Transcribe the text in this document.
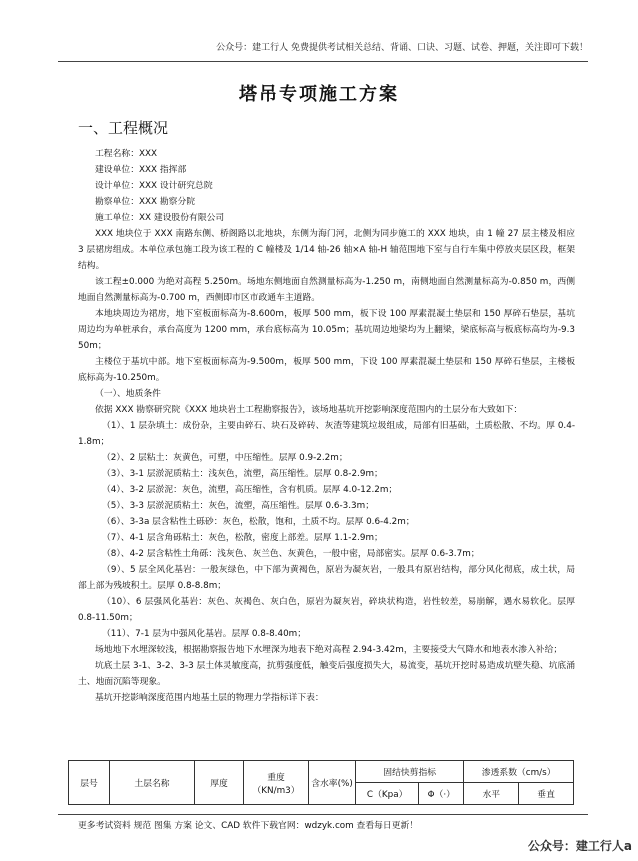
公众号：建工行人 免费提供考试相关总结、背诵、口诀、习题、试卷、押题，关注即可下载！
塔吊专项施工方案
一、工程概况
工程名称：XXX
建设单位：XXX 指挥部
设计单位：XXX 设计研究总院
勘察单位：XXX 勘察分院
施工单位：XX 建设股份有限公司
XXX 地块位于 XXX 南路东侧、桥阁路以北地块，东侧为海门河，北侧为同步施工的 XXX 地块，由 1 幢 27 层主楼及相应 3 层裙房组成。本单位承包施工段为该工程的 C 幢楼及 1/14 轴-26 轴×A 轴-H 轴范围地下室与自行车集中停放夹层区段，框架结构。
该工程±0.000 为绝对高程 5.250m。场地东侧地面自然测量标高为-1.250 m，南侧地面自然测量标高为-0.850 m，西侧地面自然测量标高为-0.700 m，西侧即市区市政通车主道路。
本地块周边为裙房，地下室板面标高为-8.600m，板厚 500 mm，板下设 100 厚素混凝土垫层和 150 厚碎石垫层，基坑周边均为单桩承台，承台高度为 1200 mm，承台底标高为 10.05m；基坑周边地梁均为上翻梁，梁底标高与板底标高均为-9.350m；
主楼位于基坑中部。地下室板面标高为-9.500m，板厚 500 mm，下设 100 厚素混凝土垫层和 150 厚碎石垫层，主楼板底标高为-10.250m。
（一）、地质条件
依据 XXX 勘察研究院《XXX 地块岩土工程勘察报告》，该场地基坑开挖影响深度范围内的土层分布大致如下：
（1）、1 层杂填土：成份杂，主要由碎石、块石及碎砖、灰渣等建筑垃圾组成，局部有旧基础，土质松散、不均。厚 0.4-1.8m；
（2）、2 层粘土：灰黄色，可塑，中压缩性。层厚 0.9-2.2m；
（3）、3-1 层淤泥质粘土：浅灰色，流塑，高压缩性。层厚 0.8-2.9m；
（4）、3-2 层淤泥：灰色，流塑，高压缩性，含有机质。层厚 4.0-12.2m；
（5）、3-3 层淤泥质粘土：灰色，流塑，高压缩性。层厚 0.6-3.3m；
（6）、3-3a 层含粘性土砾砂：灰色，松散，饱和，土质不均。层厚 0.6-4.2m；
（7）、4-1 层含角砾粘土：灰色，松散，密度上部差。层厚 1.1-2.9m；
（8）、4-2 层含粘性土角砾：浅灰色、灰兰色、灰黄色，一般中密，局部密实。层厚 0.6-3.7m；
（9）、5 层全风化基岩：一般灰绿色，中下部为黄褐色，原岩为凝灰岩，一般具有原岩结构，部分风化彻底，成土状，局部上部为残坡积土。层厚 0.8-8.8m；
（10）、6 层强风化基岩：灰色、灰褐色、灰白色，原岩为凝灰岩，碎块状构造，岩性较差，易崩解，遇水易软化。层厚 0.8-11.50m；
（11）、7-1 层为中强风化基岩。层厚 0.8-8.40m；
场地地下水埋深较浅，根据勘察报告地下水埋深为地表下绝对高程 2.94-3.42m，主要接受大气降水和地表水渗入补给；
坑底土层 3-1、3-2、3-3 层土体灵敏度高，抗剪强度低，触变后强度损失大，易流变，基坑开挖时易造成坑壁失稳、坑底涌土、地面沉陷等现象。
基坑开挖影响深度范围内地基土层的物理力学指标详下表：
层号	土层名称	厚度	重度（KN/m3）	含水率(%)	固结快剪指标		渗透系数（cm/s）	
					C（Kpa）	Φ（·）	水平	垂直
更多考试资料 规范 图集 方案 论文、CAD 软件下载官网：wdzyk.com 查看每日更新！
公众号：建工行人a
